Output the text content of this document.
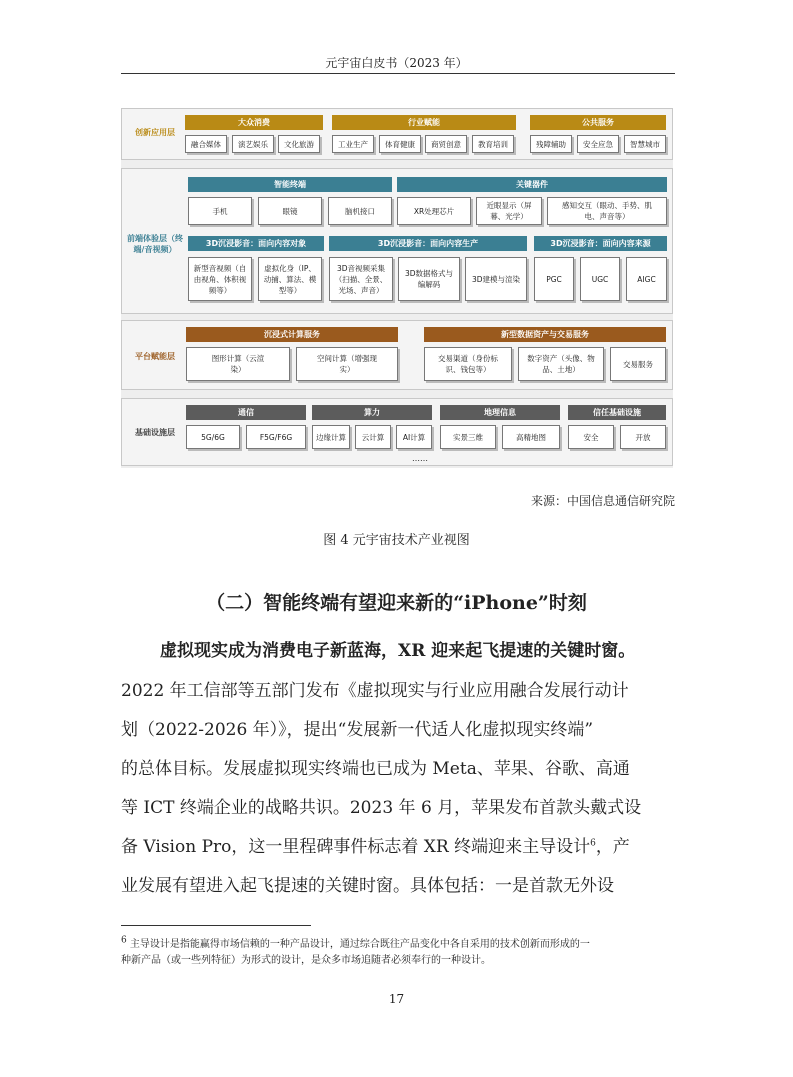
元宇宙白皮书（2023 年）
创新应用层
大众消费
融合媒体	演艺娱乐	文化旅游
行业赋能
工业生产	体育健康	商贸创意	教育培训
公共服务
残障辅助	安全应急	智慧城市
前端体验层（终端/音视频）
智能终端
手机	眼镜	脑机接口
关键器件
XR处理芯片
近眼显示（屏幕、光学）
感知交互（眼动、手势、肌电、声音等）
3D沉浸影音：面向内容对象
新型音视频（自由视角、体积视频等）
虚拟化身（IP、动捕、算法、模型等）
3D沉浸影音：面向内容生产
3D音视频采集（扫描、全景、光场、声音）
3D数据格式与编解码
3D建模与渲染
3D沉浸影音：面向内容来源
PGC	UGC	AIGC
平台赋能层
沉浸式计算服务
图形计算（云渲染）
空间计算（增强现实）
新型数据资产与交易服务
交易渠道（身份标识、钱包等）
数字资产（头像、物品、土地）
交易服务
基础设施层
通信
5G/6G	F5G/F6G
算力
边缘计算	云计算	AI计算
……
地理信息
实景三维	高精地图
信任基础设施
安全	开放
来源：中国信息通信研究院
图 4 元宇宙技术产业视图
（二）智能终端有望迎来新的“iPhone”时刻
虚拟现实成为消费电子新蓝海，XR 迎来起飞提速的关键时窗。
2022 年工信部等五部门发布《虚拟现实与行业应用融合发展行动计
划（2022-2026 年）》，提出“发展新一代适人化虚拟现实终端”
的总体目标。发展虚拟现实终端也已成为 Meta、苹果、谷歌、高通
等 ICT 终端企业的战略共识。2023 年 6 月，苹果发布首款头戴式设
备 Vision Pro，这一里程碑事件标志着 XR 终端迎来主导设计$^6$，产
业发展有望进入起飞提速的关键时窗。具体包括：一是首款无外设
$^6$ 主导设计是指能赢得市场信赖的一种产品设计，通过综合既往产品变化中各自采用的技术创新而形成的一
种新产品（或一些列特征）为形式的设计，是众多市场追随者必须奉行的一种设计。
17
